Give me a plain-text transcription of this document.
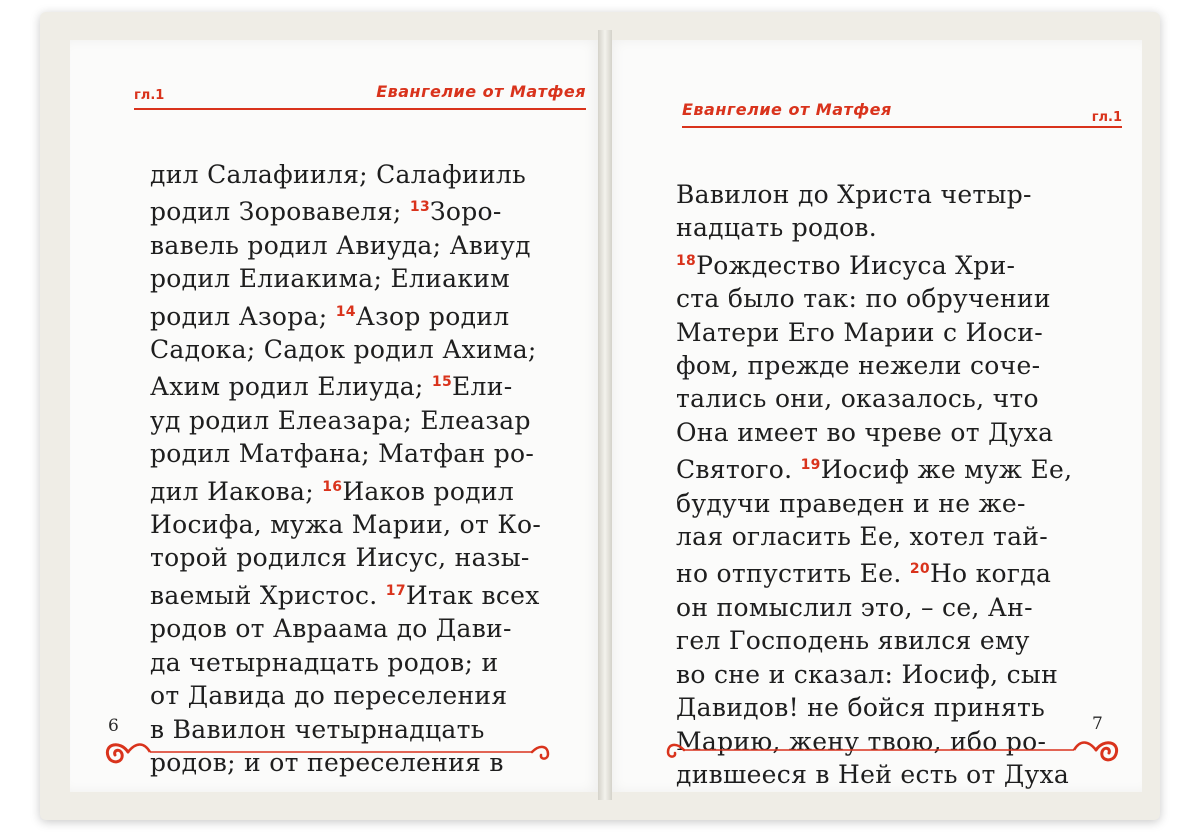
гл.1	Евангелие от Матфея
дил Салафииля; Салафииль
родил Зоровавеля; $^{13}$Зоро-
вавель родил Авиуда; Авиуд
родил Елиакима; Елиаким
родил Азора; $^{14}$Азор родил
Садока; Садок родил Ахима;
Ахим родил Елиуда; $^{15}$Ели-
уд родил Елеазара; Елеазар
родил Матфана; Матфан ро-
дил Иакова; $^{16}$Иаков родил
Иосифа, мужа Марии, от Ко-
торой родился Иисус, назы-
ваемый Христос. $^{17}$Итак всех
родов от Авраама до Дави-
да четырнадцать родов; и
от Давида до переселения
в Вавилон четырнадцать
родов; и от переселения в
6
Евангелие от Матфея	гл.1
Вавилон до Христа четыр-
надцать родов.
$^{18}$Рождество Иисуса Хри-
ста было так: по обручении
Матери Его Марии с Иоси-
фом, прежде нежели соче-
тались они, оказалось, что
Она имеет во чреве от Духа
Святого. $^{19}$Иосиф же муж Ее,
будучи праведен и не же-
лая огласить Ее, хотел тай-
но отпустить Ее. $^{20}$Но когда
он помыслил это, – се, Ан-
гел Господень явился ему
во сне и сказал: Иосиф, сын
Давидов! не бойся принять
Марию, жену твою, ибо ро-
дившееся в Ней есть от Духа
7
